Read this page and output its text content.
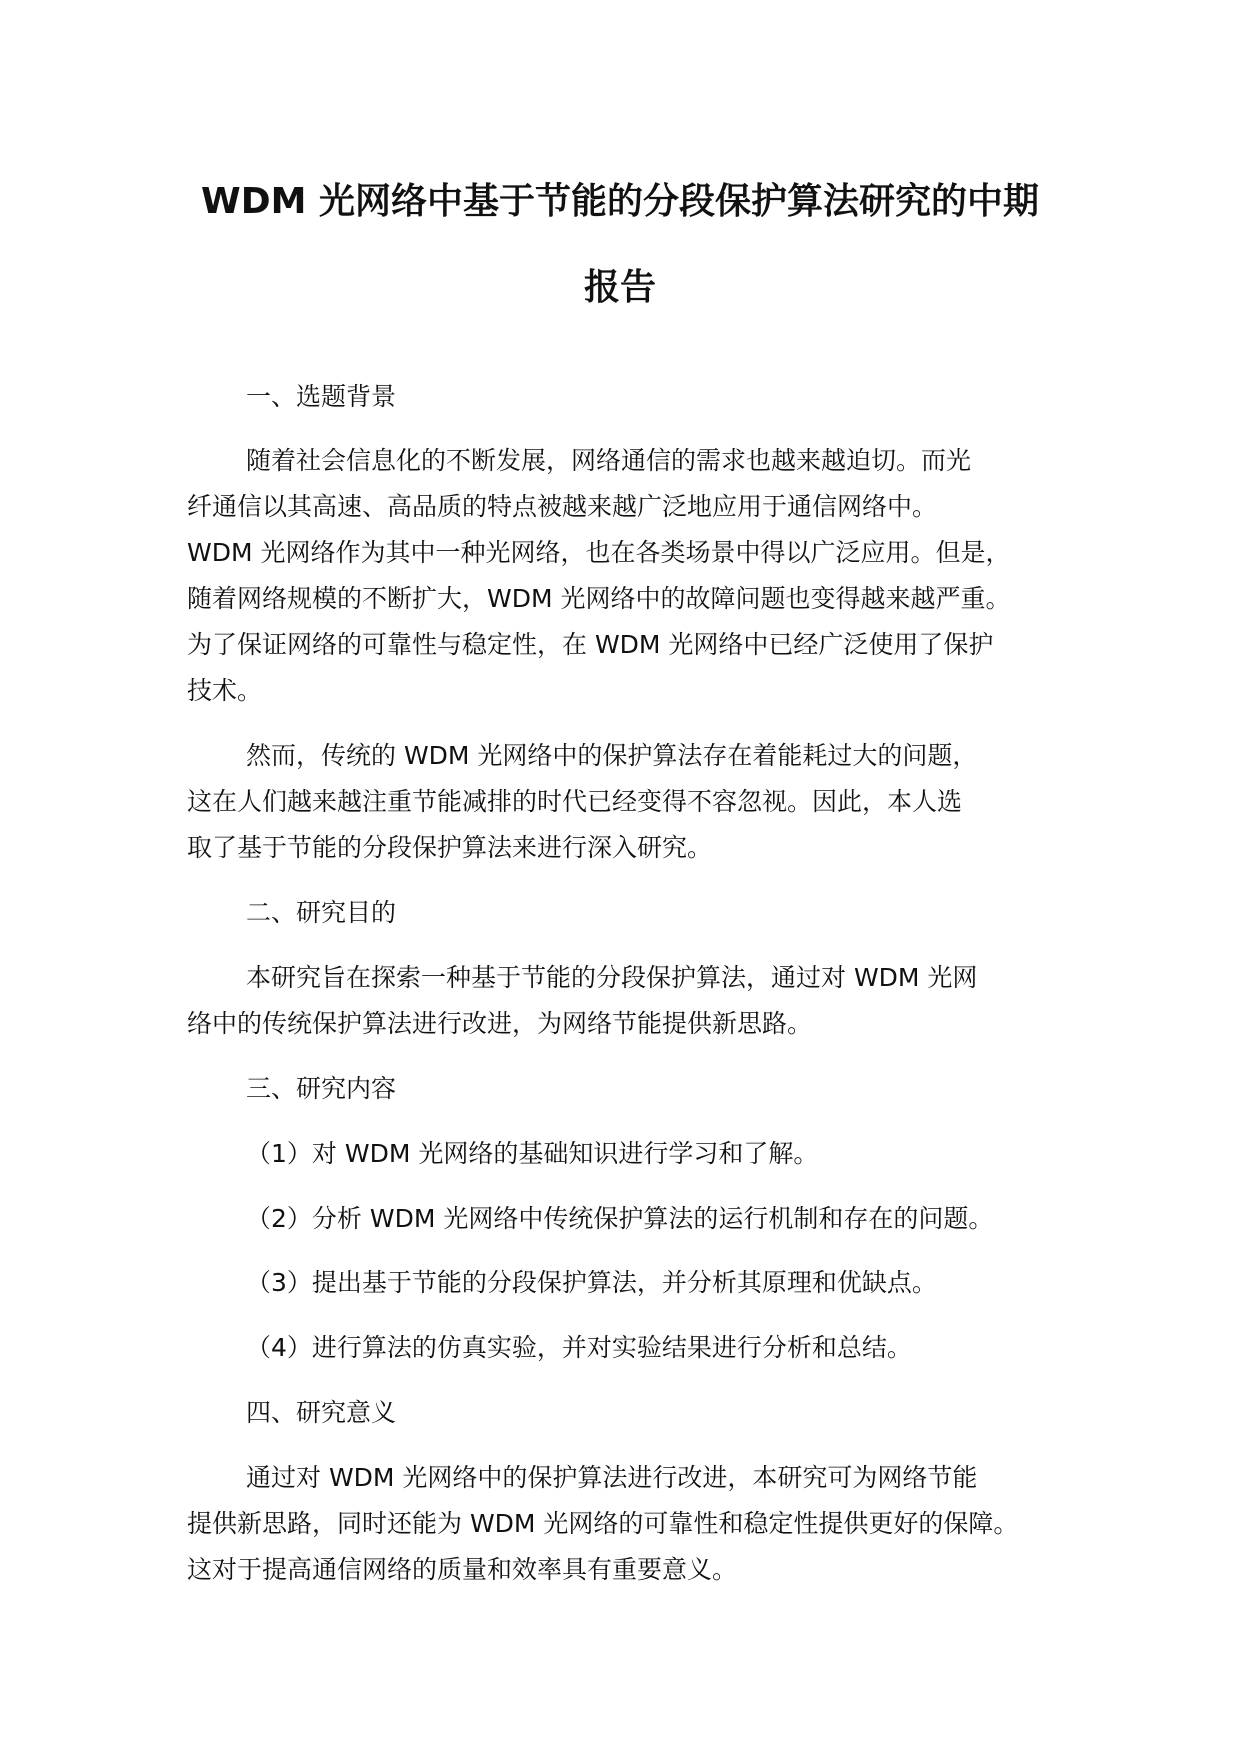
WDM 光网络中基于节能的分段保护算法研究的中期
报告

一、选题背景

随着社会信息化的不断发展，网络通信的需求也越来越迫切。而光

纤通信以其高速、高品质的特点被越来越广泛地应用于通信网络中。

WDM 光网络作为其中一种光网络，也在各类场景中得以广泛应用。但是，

随着网络规模的不断扩大，WDM 光网络中的故障问题也变得越来越严重。

为了保证网络的可靠性与稳定性，在 WDM 光网络中已经广泛使用了保护

技术。

然而，传统的 WDM 光网络中的保护算法存在着能耗过大的问题，

这在人们越来越注重节能减排的时代已经变得不容忽视。因此，本人选

取了基于节能的分段保护算法来进行深入研究。

二、研究目的

本研究旨在探索一种基于节能的分段保护算法，通过对 WDM 光网

络中的传统保护算法进行改进，为网络节能提供新思路。

三、研究内容

（1）对 WDM 光网络的基础知识进行学习和了解。

（2）分析 WDM 光网络中传统保护算法的运行机制和存在的问题。

（3）提出基于节能的分段保护算法，并分析其原理和优缺点。

（4）进行算法的仿真实验，并对实验结果进行分析和总结。

四、研究意义

通过对 WDM 光网络中的保护算法进行改进，本研究可为网络节能

提供新思路，同时还能为 WDM 光网络的可靠性和稳定性提供更好的保障。

这对于提高通信网络的质量和效率具有重要意义。
